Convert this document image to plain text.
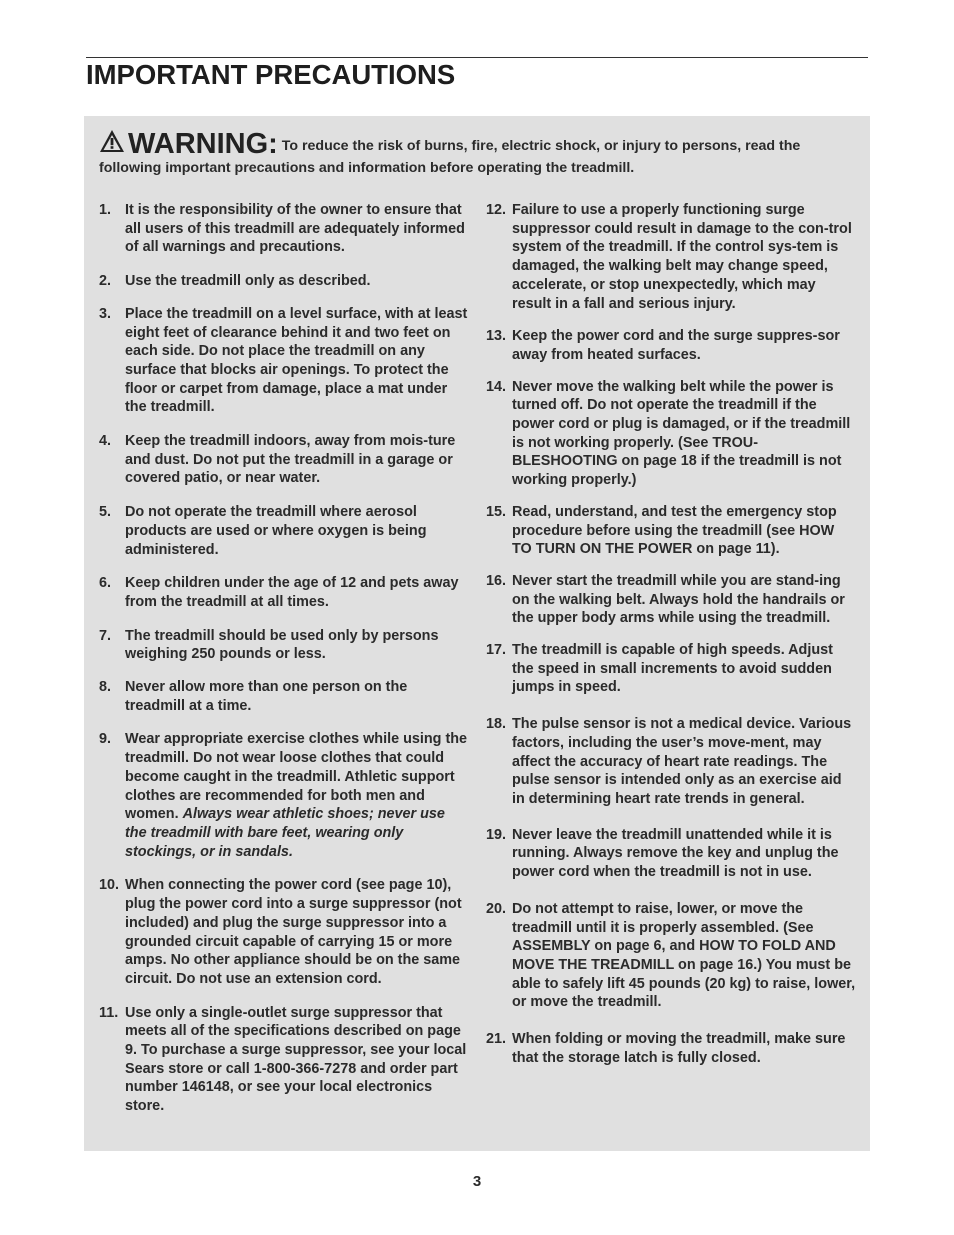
IMPORTANT PRECAUTIONS
WARNING: To reduce the risk of burns, fire, electric shock, or injury to persons, read the
following important precautions and information before operating the treadmill.
1. It is the responsibility of the owner to ensure that all users of this treadmill are adequately informed of all warnings and precautions.
2. Use the treadmill only as described.
3. Place the treadmill on a level surface, with at least eight feet of clearance behind it and two feet on each side. Do not place the treadmill on any surface that blocks air openings. To protect the floor or carpet from damage, place a mat under the treadmill.
4. Keep the treadmill indoors, away from mois-ture and dust. Do not put the treadmill in a garage or covered patio, or near water.
5. Do not operate the treadmill where aerosol products are used or where oxygen is being administered.
6. Keep children under the age of 12 and pets away from the treadmill at all times.
7. The treadmill should be used only by persons weighing 250 pounds or less.
8. Never allow more than one person on the treadmill at a time.
9. Wear appropriate exercise clothes while using the treadmill. Do not wear loose clothes that could become caught in the treadmill. Athletic support clothes are recommended for both men and women. Always wear athletic shoes; never use the treadmill with bare feet, wearing only stockings, or in sandals.
10. When connecting the power cord (see page 10), plug the power cord into a surge suppressor (not included) and plug the surge suppressor into a grounded circuit capable of carrying 15 or more amps. No other appliance should be on the same circuit. Do not use an extension cord.
11. Use only a single-outlet surge suppressor that meets all of the specifications described on page 9. To purchase a surge suppressor, see your local Sears store or call 1-800-366-7278 and order part number 146148, or see your local electronics store.
12. Failure to use a properly functioning surge suppressor could result in damage to the con-trol system of the treadmill. If the control sys-tem is damaged, the walking belt may change speed, accelerate, or stop unexpectedly, which may result in a fall and serious injury.
13. Keep the power cord and the surge suppres-sor away from heated surfaces.
14. Never move the walking belt while the power is turned off. Do not operate the treadmill if the power cord or plug is damaged, or if the treadmill is not working properly. (See TROU-BLESHOOTING on page 18 if the treadmill is not working properly.)
15. Read, understand, and test the emergency stop procedure before using the treadmill (see HOW TO TURN ON THE POWER on page 11).
16. Never start the treadmill while you are stand-ing on the walking belt. Always hold the handrails or the upper body arms while using the treadmill.
17. The treadmill is capable of high speeds. Adjust the speed in small increments to avoid sudden jumps in speed.
18. The pulse sensor is not a medical device. Various factors, including the user’s move-ment, may affect the accuracy of heart rate readings. The pulse sensor is intended only as an exercise aid in determining heart rate trends in general.
19. Never leave the treadmill unattended while it is running. Always remove the key and unplug the power cord when the treadmill is not in use.
20. Do not attempt to raise, lower, or move the treadmill until it is properly assembled. (See ASSEMBLY on page 6, and HOW TO FOLD AND MOVE THE TREADMILL on page 16.) You must be able to safely lift 45 pounds (20 kg) to raise, lower, or move the treadmill.
21. When folding or moving the treadmill, make sure that the storage latch is fully closed.
3
